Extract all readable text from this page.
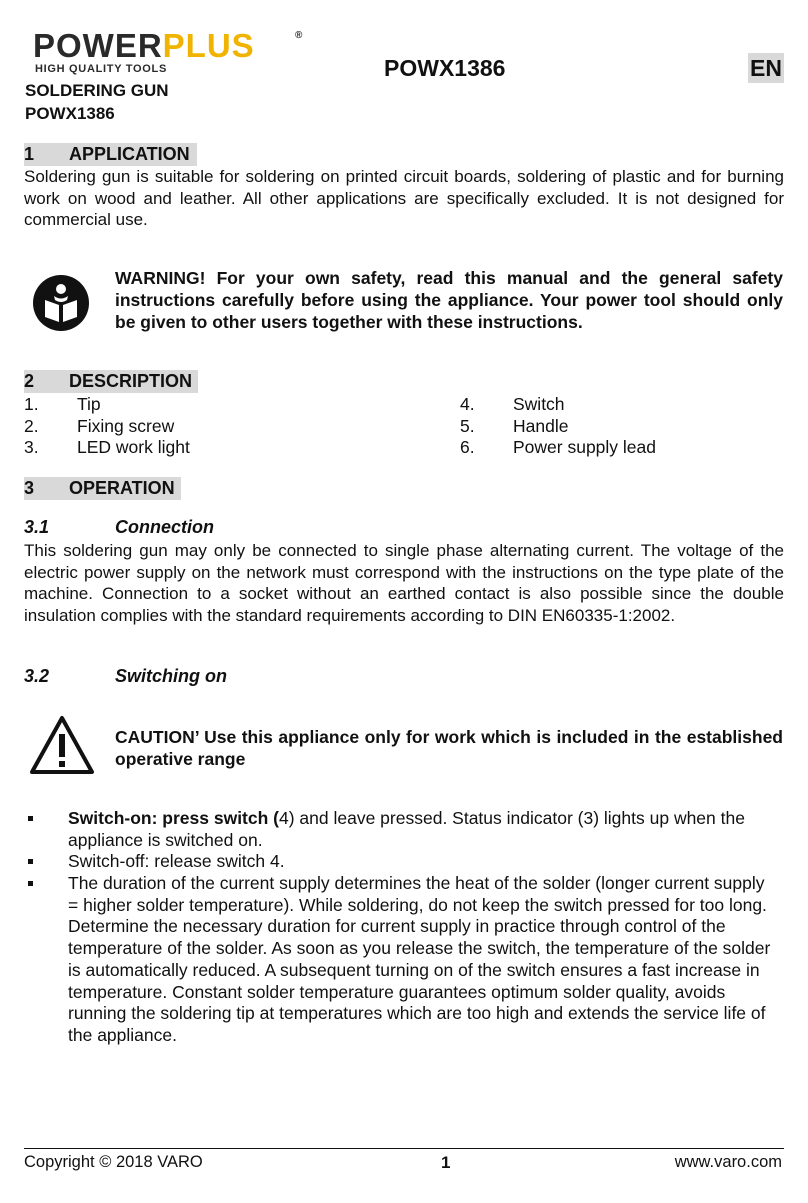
POWERPLUS	®
HIGH QUALITY TOOLS	POWX1386	EN
SOLDERING GUN
POWX1386
1 APPLICATION
Soldering gun is suitable for soldering on printed circuit boards, soldering of plastic and for burning work on wood and leather. All other applications are specifically excluded. It is not designed for commercial use.
WARNING! For your own safety, read this manual and the general safety instructions carefully before using the appliance. Your power tool should only be given to other users together with these instructions.
2 DESCRIPTION
1. Tip
2. Fixing screw
3. LED work light
4. Switch
5. Handle
6. Power supply lead
3 OPERATION
3.1	Connection
This soldering gun may only be connected to single phase alternating current. The voltage of the electric power supply on the network must correspond with the instructions on the type plate of the machine. Connection to a socket without an earthed contact is also possible since the double insulation complies with the standard requirements according to DIN EN60335-1:2002.
3.2	Switching on
CAUTION’ Use this appliance only for work which is included in the established operative range
Switch-on: press switch (4) and leave pressed. Status indicator (3) lights up when the appliance is switched on.
Switch-off: release switch 4.
The duration of the current supply determines the heat of the solder (longer current supply = higher solder temperature). While soldering, do not keep the switch pressed for too long. Determine the necessary duration for current supply in practice through control of the temperature of the solder. As soon as you release the switch, the temperature of the solder is automatically reduced. A subsequent turning on of the switch ensures a fast increase in temperature. Constant solder temperature guarantees optimum solder quality, avoids running the soldering tip at temperatures which are too high and extends the service life of the appliance.
Copyright © 2018 VARO	1	www.varo.com
